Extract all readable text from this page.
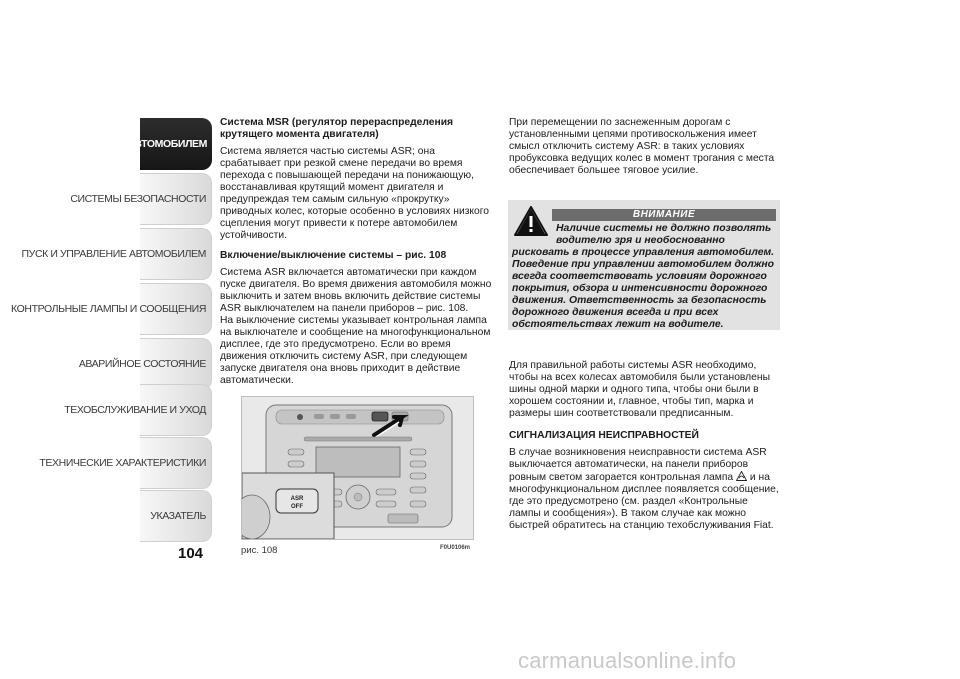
ЗНАКОМСТВО С АВТОМОБИЛЕМ
СИСТЕМЫ БЕЗОПАСНОСТИ
ПУСК И УПРАВЛЕНИЕ АВТОМОБИЛЕМ
КОНТРОЛЬНЫЕ ЛАМПЫ И СООБЩЕНИЯ
АВАРИЙНОЕ СОСТОЯНИЕ
ТЕХОБСЛУЖИВАНИЕ И УХОД
ТЕХНИЧЕСКИЕ ХАРАКТЕРИСТИКИ
УКАЗАТЕЛЬ
104

Система MSR (регулятор перераспределения крутящего момента двигателя)

Система является частью системы ASR; она срабатывает при резкой смене передачи во время перехода с повышающей передачи на понижающую, восстанавливая крутящий момент двигателя и предупреждая тем самым сильную «прокрутку» приводных колес, которые особенно в условиях низкого сцепления могут привести к потере автомобилем устойчивости.

Включение/выключение системы – рис. 108

Система ASR включается автоматически при каждом пуске двигателя. Во время движения автомобиля можно выключить и затем вновь включить действие системы ASR выключателем на панели приборов – рис. 108.

На выключение системы указывает контрольная лампа на выключателе и сообщение на многофункциональном дисплее, где это предусмотрено. Если во время движения отключить систему ASR, при следующем запуске двигателя она вновь приходит в действие автоматически.

ASR
OFF
рис. 108	F0U0106m

При перемещении по заснеженным дорогам с установленными цепями противоскольжения имеет смысл отключить систему ASR: в таких условиях пробуксовка ведущих колес в момент трогания с места обеспечивает большее тяговое усилие.

ВНИМАНИЕ
Наличие системы не должно позволять
водителю зря и необоснованно
рисковать в процессе управления автомобилем. Поведение при управлении автомобилем должно всегда соответствовать условиям дорожного покрытия, обзора и интенсивности дорожного движения. Ответственность за безопасность дорожного движения всегда и при всех обстоятельствах лежит на водителе.

Для правильной работы системы ASR необходимо, чтобы на всех колесах автомобиля были установлены шины одной марки и одного типа, чтобы они были в хорошем состоянии и, главное, чтобы тип, марка и размеры шин соответствовали предписанным.

СИГНАЛИЗАЦИЯ НЕИСПРАВНОСТЕЙ

В случае возникновения неисправности система ASR выключается автоматически, на панели приборов ровным светом загорается контрольная лампа и на многофункциональном дисплее появляется сообщение, где это предусмотрено (см. раздел «Контрольные лампы и сообщения»). В таком случае как можно быстрей обратитесь на станцию техобслуживания Fiat.

carmanualsonline.info
